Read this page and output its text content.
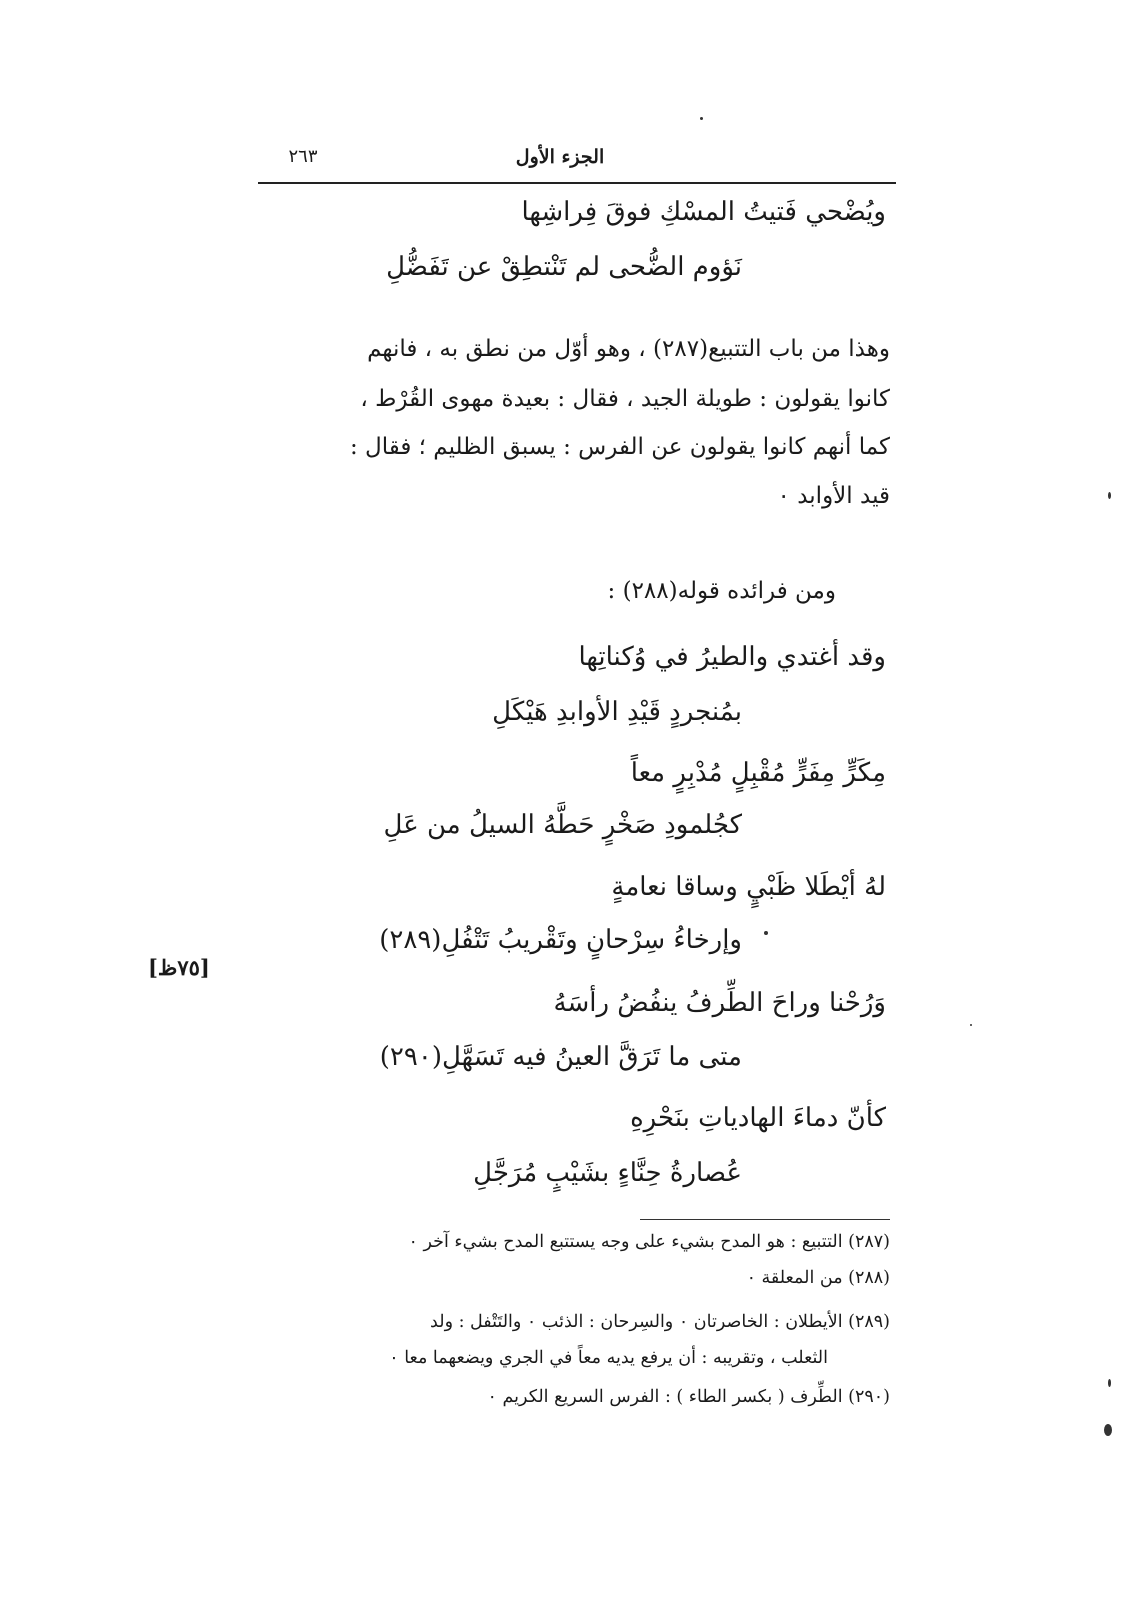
الجزء الأول
٢٦٣
ويُضْحي فَتيتُ المسْكِ فوقَ فِراشِها
نَؤوم الضُّحى لم تَنْتطِقْ عن تَفَضُّلِ
وهذا من باب التتبيع(٢٨٧) ، وهو أوّل من نطق به ، فانهم
كانوا يقولون : طويلة الجيد ، فقال : بعيدة مهوى القُرْط ،
كما أنهم كانوا يقولون عن الفرس : يسبق الظليم ؛ فقال :
قيد الأوابد ٠
ومن فرائده قوله(٢٨٨) :
وقد أغتدي والطيرُ في وُكناتِها
بمُنجردٍ قَيْدِ الأوابدِ هَيْكَلِ
مِكَرٍّ مِفَرٍّ مُقْبِلٍ مُدْبِرٍ معاً
كجُلمودِ صَخْرٍ حَطَّهُ السيلُ من عَلِ
لهُ أيْطَلا ظَبْيٍ وساقا نعامةٍ
وإرخاءُ سِرْحانٍ وتَقْريبُ تَتْفُلِ(٢٨٩)
[٧٥ظ]
وَرُحْنا وراحَ الطِّرفُ ينفُضُ رأسَهُ
متى ما تَرَقَّ العينُ فيه تَسَهَّلِ(٢٩٠)
كأنّ دماءَ الهادياتِ بنَحْرِهِ
عُصارةُ حِنَّاءٍ بشَيْبٍ مُرَجَّلِ
(٢٨٧) التتبيع : هو المدح بشيء على وجه يستتبع المدح بشيء آخر ٠
(٢٨٨) من المعلقة ٠
(٢٨٩) الأيطلان : الخاصرتان ٠ والسِرحان : الذئب ٠ والتَتْفل : ولد
الثعلب ، وتقريبه : أن يرفع يديه معاً في الجري ويضعهما معا ٠
(٢٩٠) الطِّرف ( بكسر الطاء ) : الفرس السريع الكريم ٠
